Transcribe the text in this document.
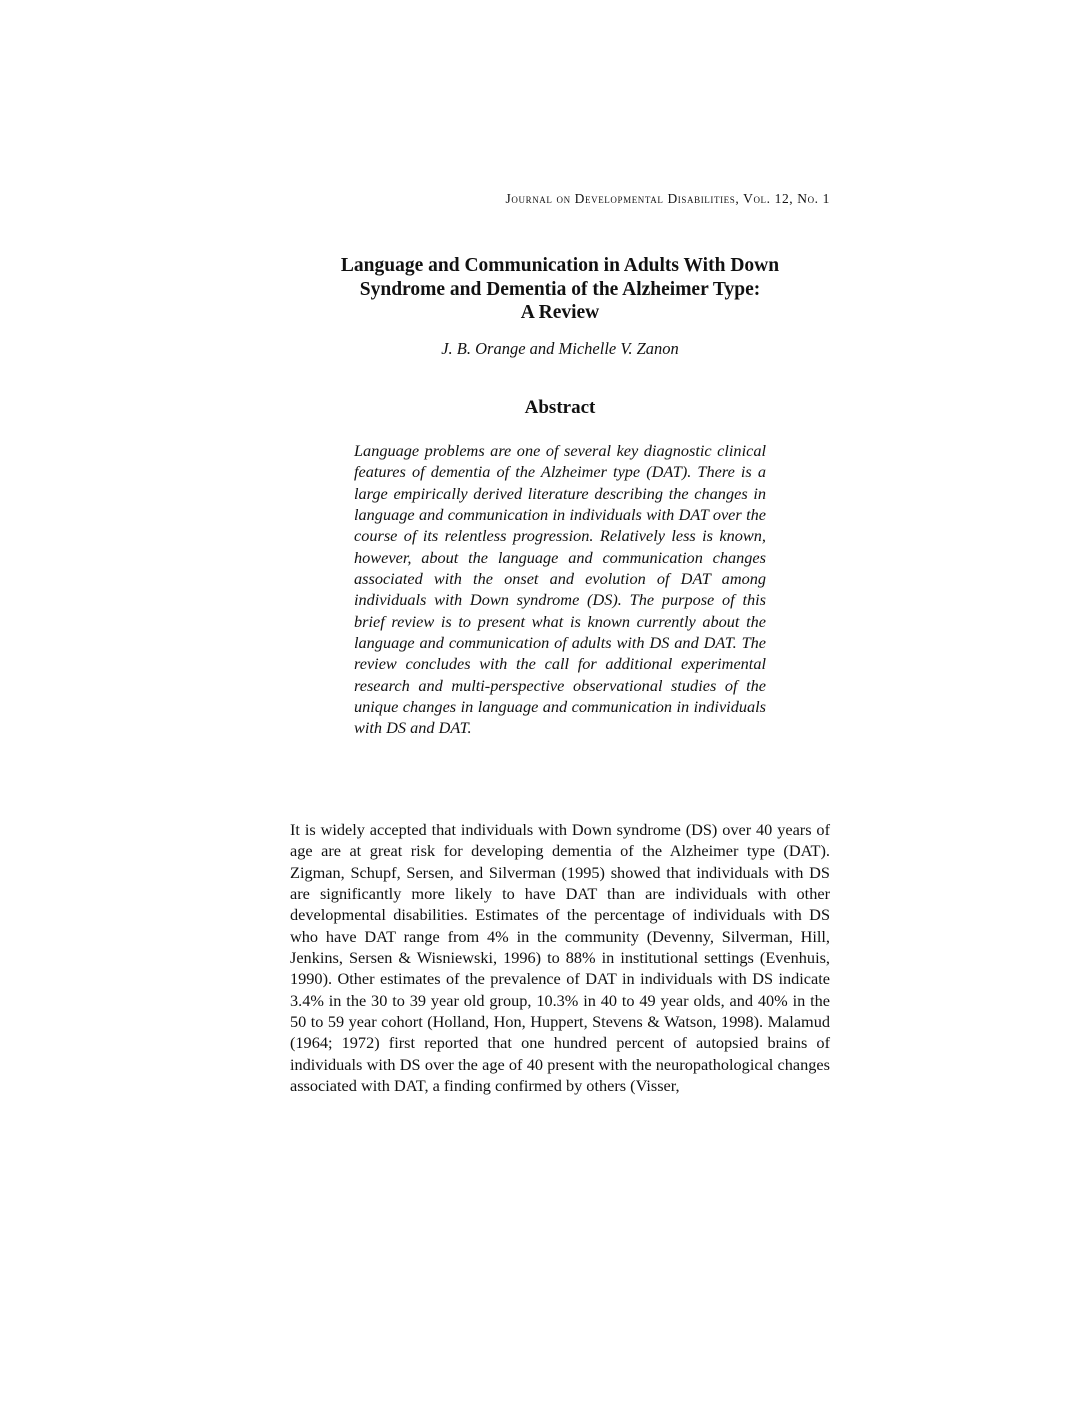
Journal on Developmental Disabilities, Vol. 12, No. 1
Language and Communication in Adults With Down
Syndrome and Dementia of the Alzheimer Type:
A Review
J. B. Orange and Michelle V. Zanon
Abstract

Language problems are one of several key diagnostic clinical features of dementia of the Alzheimer type (DAT). There is a large empirically derived literature describing the changes in language and communication in individuals with DAT over the course of its relentless progression. Relatively less is known, however, about the language and communication changes associated with the onset and evolution of DAT among individuals with Down syndrome (DS). The purpose of this brief review is to present what is known currently about the language and communication of adults with DS and DAT. The review concludes with the call for additional experimental research and multi-perspective observational studies of the unique changes in language and communication in individuals with DS and DAT.

It is widely accepted that individuals with Down syndrome (DS) over 40 years of age are at great risk for developing dementia of the Alzheimer type (DAT). Zigman, Schupf, Sersen, and Silverman (1995) showed that individuals with DS are significantly more likely to have DAT than are individuals with other developmental disabilities. Estimates of the percentage of individuals with DS who have DAT range from 4% in the community (Devenny, Silverman, Hill, Jenkins, Sersen & Wisniewski, 1996) to 88% in institutional settings (Evenhuis, 1990). Other estimates of the prevalence of DAT in individuals with DS indicate 3.4% in the 30 to 39 year old group, 10.3% in 40 to 49 year olds, and 40% in the 50 to 59 year cohort (Holland, Hon, Huppert, Stevens & Watson, 1998). Malamud (1964; 1972) first reported that one hundred percent of autopsied brains of individuals with DS over the age of 40 present with the neuropathological changes associated with DAT, a finding confirmed by others (Visser,
